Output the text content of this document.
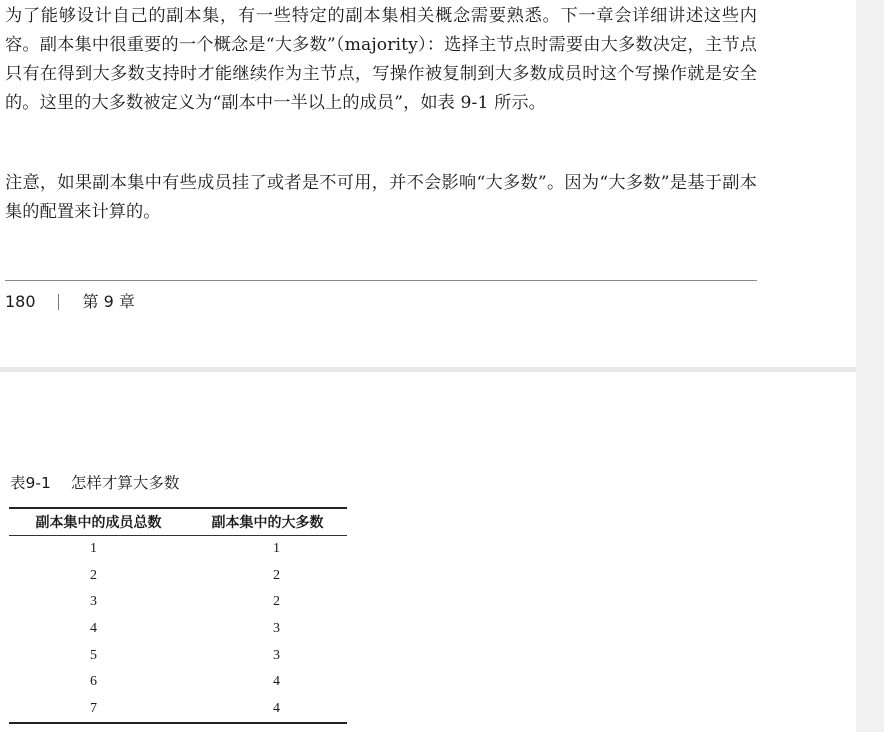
为了能够设计自己的副本集，有一些特定的副本集相关概念需要熟悉。下一章会详细讲述这些内容。副本集中很重要的一个概念是“大多数”（majority）：选择主节点时需要由大多数决定，主节点只有在得到大多数支持时才能继续作为主节点，写操作被复制到大多数成员时这个写操作就是安全的。这里的大多数被定义为“副本中一半以上的成员”，如表 9-1 所示。

注意，如果副本集中有些成员挂了或者是不可用，并不会影响“大多数”。因为“大多数”是基于副本集的配置来计算的。

180	第 9 章
表9-1 怎样才算大多数
副本集中的成员总数	副本集中的大多数
1	1
2	2
3	2
4	3
5	3
6	4
7	4
